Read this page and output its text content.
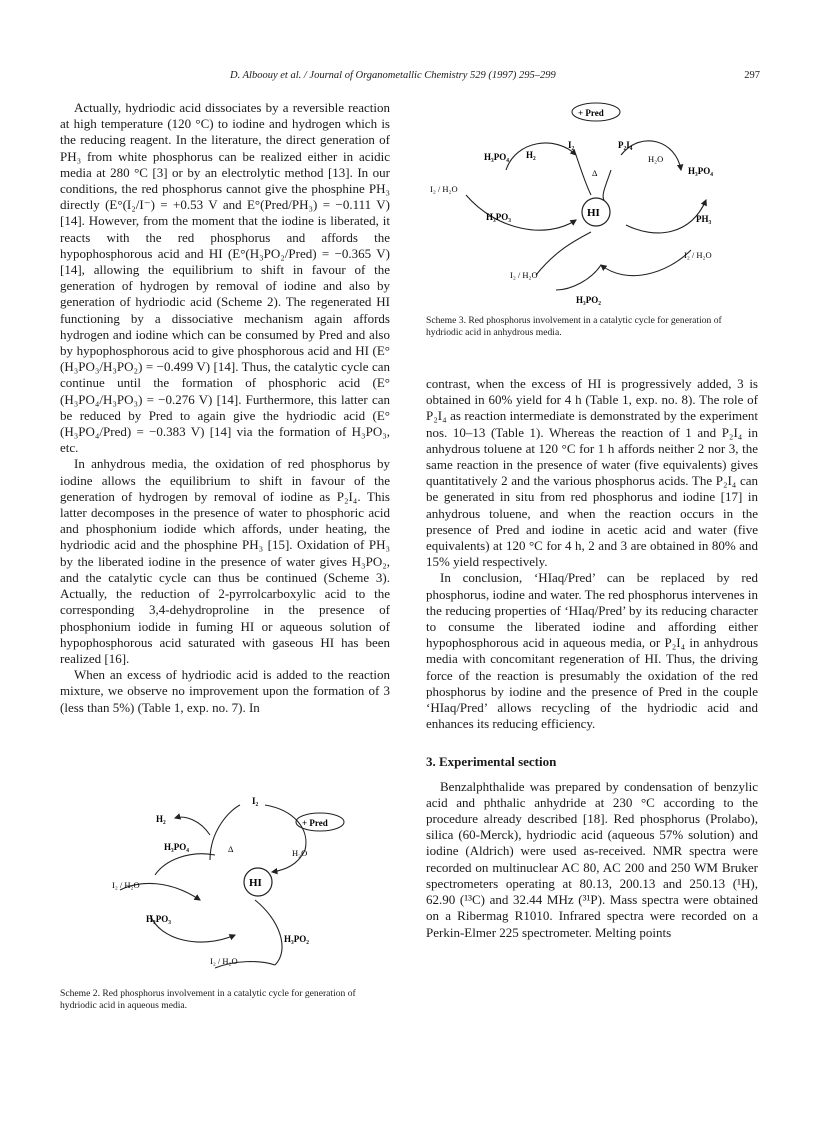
D. Alboouy et al. / Journal of Organometallic Chemistry 529 (1997) 295–299	297
+ Pred
HI
I₂	P₂I₄
H₂
H₃PO₄	H₂O
H₃PO₄
Δ
I₂ / H₂O
H₃PO₃	PH₃
I₂ / H₂O
I₂ / H₂O
H₃PO₂
Scheme 3. Red phosphorus involvement in a catalytic cycle for generation of hydriodic acid in anhydrous media.

Actually, hydriodic acid dissociates by a reversible reaction at high temperature (120 °C) to iodine and hydrogen which is the reducing reagent. In the literature, the direct generation of PH₃ from white phosphorus can be realized either in acidic media at 280 °C [3] or by an electrolytic method [13]. In our conditions, the red phosphorus cannot give the phosphine PH₃ directly (E°(I₂/I⁻) = +0.53 V and E°(Pred/PH₃) = −0.111 V) [14]. However, from the moment that the iodine is liberated, it reacts with the red phosphorus and affords the hypophosphorous acid and HI (E°(H₃PO₂/Pred) = −0.365 V) [14], allowing the equilibrium to shift in favour of the generation of hydrogen by removal of iodine and also by generation of hydriodic acid (Scheme 2). The regenerated HI functioning by a dissociative mechanism again affords hydrogen and iodine which can be consumed by Pred and also by hypophosphorous acid to give phosphorous acid and HI (E°(H₃PO₃/H₃PO₂) = −0.499 V) [14]. Thus, the catalytic cycle can continue until the formation of phosphoric acid (E°(H₃PO₄/H₃PO₃) = −0.276 V) [14]. Furthermore, this latter can be reduced by Pred to again give the hydriodic acid (E°(H₃PO₄/Pred) = −0.383 V) [14] via the formation of H₃PO₃, etc.

In anhydrous media, the oxidation of red phosphorus by iodine allows the equilibrium to shift in favour of the generation of hydrogen by removal of iodine as P₂I₄. This latter decomposes in the presence of water to phosphoric acid and phosphonium iodide which affords, under heating, the hydriodic acid and the phosphine PH₃ [15]. Oxidation of PH₃ by the liberated iodine in the presence of water gives H₃PO₂, and the catalytic cycle can thus be continued (Scheme 3). Actually, the reduction of 2-pyrrolcarboxylic acid to the corresponding 3,4-dehydroproline in the presence of phosphonium iodide in fuming HI or aqueous solution of hypophosphorous acid saturated with gaseous HI has been realized [16].

When an excess of hydriodic acid is added to the reaction mixture, we observe no improvement upon the formation of 3 (less than 5%) (Table 1, exp. no. 7). In

contrast, when the excess of HI is progressively added, 3 is obtained in 60% yield for 4 h (Table 1, exp. no. 8). The role of P₂I₄ as reaction intermediate is demonstrated by the experiment nos. 10–13 (Table 1). Whereas the reaction of 1 and P₂I₄ in anhydrous toluene at 120 °C for 1 h affords neither 2 nor 3, the same reaction in the presence of water (five equivalents) gives quantitatively 2 and the various phosphorus acids. The P₂I₄ can be generated in situ from red phosphorus and iodine [17] in anhydrous toluene, and when the reaction occurs in the presence of Pred and iodine in acetic acid and water (five equivalents) at 120 °C for 4 h, 2 and 3 are obtained in 80% and 15% yield respectively.

In conclusion, ‘HIaq/Pred’ can be replaced by red phosphorus, iodine and water. The red phosphorus intervenes in the reducing properties of ‘HIaq/Pred’ by its reducing character to consume the liberated iodine and affording either hypophosphorous acid in aqueous media, or P₂I₄ in anhydrous media with concomitant regeneration of HI. Thus, the driving force of the reaction is presumably the oxidation of the red phosphorus by iodine and the presence of Pred in the couple ‘HIaq/Pred’ allows recycling of the hydriodic acid and enhances its reducing efficiency.

3. Experimental section

Benzalphthalide was prepared by condensation of benzylic acid and phthalic anhydride at 230 °C according to the procedure already described [18]. Red phosphorus (Prolabo), silica (60-Merck), hydriodic acid (aqueous 57% solution) and iodine (Aldrich) were used as-received. NMR spectra were recorded on multinuclear AC 80, AC 200 and 250 WM Bruker spectrometers operating at 80.13, 200.13 and 250.13 (¹H), 62.90 (¹³C) and 32.44 MHz (³¹P). Mass spectra were obtained on a Ribermag R1010. Infrared spectra were recorded on a Perkin-Elmer 225 spectrometer. Melting points

+ Pred
HI
H₂
I₂
Δ
H₃PO₄
H₂O
I₂ / H₂O
H₃PO₃
H₃PO₂
I₂ / H₂O
Scheme 2. Red phosphorus involvement in a catalytic cycle for generation of hydriodic acid in aqueous media.
